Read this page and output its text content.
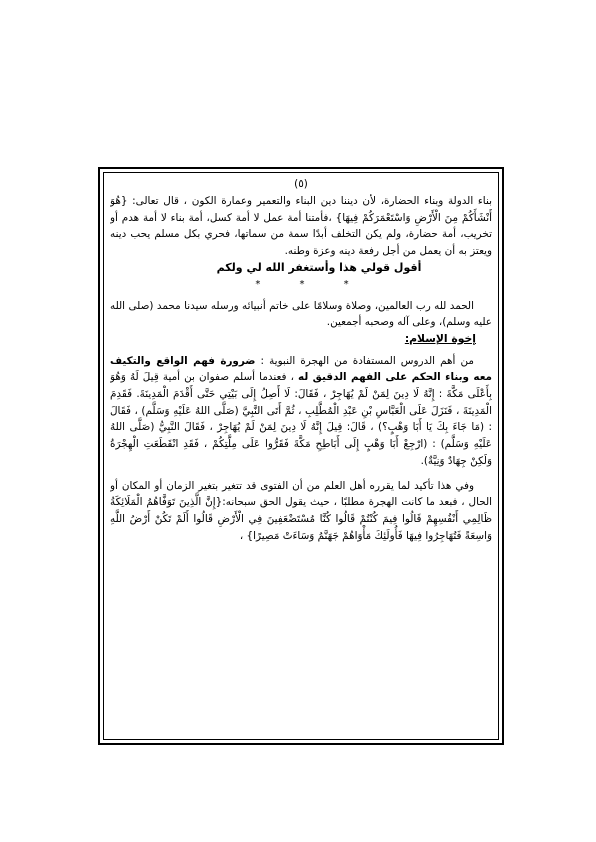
(٥)

بناء الدولة وبناء الحضارة، لأن ديننا دين البناء والتعمير وعمارة الكون ، قال تعالى: {هُوَ أَنْشَأَكُمْ مِنَ الْأَرْضِ وَاسْتَعْمَرَكُمْ فِيهَا} ،فأمتنا أمة عمل لا أمة كسل، أمة بناء لا أمة هدم أو تخريب، أمة حضارة، ولم يكن التخلف أبدًا سمة من سماتها، فحري بكل مسلم يحب دينه ويعتز به أن يعمل من أجل رفعة دينه وعزة وطنه.

أقول قولي هذا وأستغفر الله لي ولكم
* * *

الحمد لله رب العالمين، وصلاة وسلامًا على خاتم أنبيائه ورسله سيدنا محمد (صلى الله عليه وسلم)، وعلى آله وصحبه أجمعين.

إخوة الإسلام:

من أهم الدروس المستفادة من الهجرة النبوية : ضرورة فهم الواقع والتكيف معه وبناء الحكم على الفهم الدقيق له ، فعندما أسلم صفوان بن أمية قِيلَ لَهُ وَهُوَ بِأَعْلَى مَكَّةَ : إِنَّهُ لَا دِينَ لِمَنْ لَمْ يُهَاجِرْ ، فَقَالَ: لَا أَصِلُ إِلَى بَيْتِي حَتَّى أَقْدَمَ الْمَدِينَةَ. فَقَدِمَ الْمَدِينَةَ ، فَنَزَلَ عَلَى الْعَبَّاسِ بْنِ عَبْدِ الْمُطَّلِبِ ، ثُمَّ أَتَى النَّبِيَّ (صَلَّى اللهُ عَلَيْهِ وَسَلَّم) ، فَقَالَ : (مَا جَاءَ بِكَ يَا أَبَا وَهْبٍ؟) ، قَالَ: قِيلَ إِنَّهُ لَا دِينَ لِمَنْ لَمْ يُهَاجِرْ ، فَقَالَ النَّبِيُّ (صَلَّى اللهُ عَلَيْهِ وَسَلَّم) : (ارْجِعْ أَبَا وَهْبٍ إِلَى أَبَاطِحِ مَكَّةَ فَقَرُّوا عَلَى مِلَّتِكُمْ ، فَقَدِ انْقَطَعَتِ الْهِجْرَةُ وَلَكِنْ جِهَادٌ وَنِيَّةٌ).

وفي هذا تأكيد لما يقرره أهل العلم من أن الفتوى قد تتغير بتغير الزمان أو المكان أو الحال ، فبعد ما كانت الهجرة مطلبًا ، حيث يقول الحق سبحانه:{إِنَّ الَّذِينَ تَوَفَّاهُمُ الْمَلَائِكَةُ ظَالِمِي أَنْفُسِهِمْ قَالُوا فِيمَ كُنْتُمْ قَالُوا كُنَّا مُسْتَضْعَفِينَ فِي الْأَرْضِ قَالُوا أَلَمْ تَكُنْ أَرْضُ اللَّهِ وَاسِعَةً فَتُهَاجِرُوا فِيهَا فَأُولَئِكَ مَأْوَاهُمْ جَهَنَّمُ وَسَاءَتْ مَصِيرًا} ،
